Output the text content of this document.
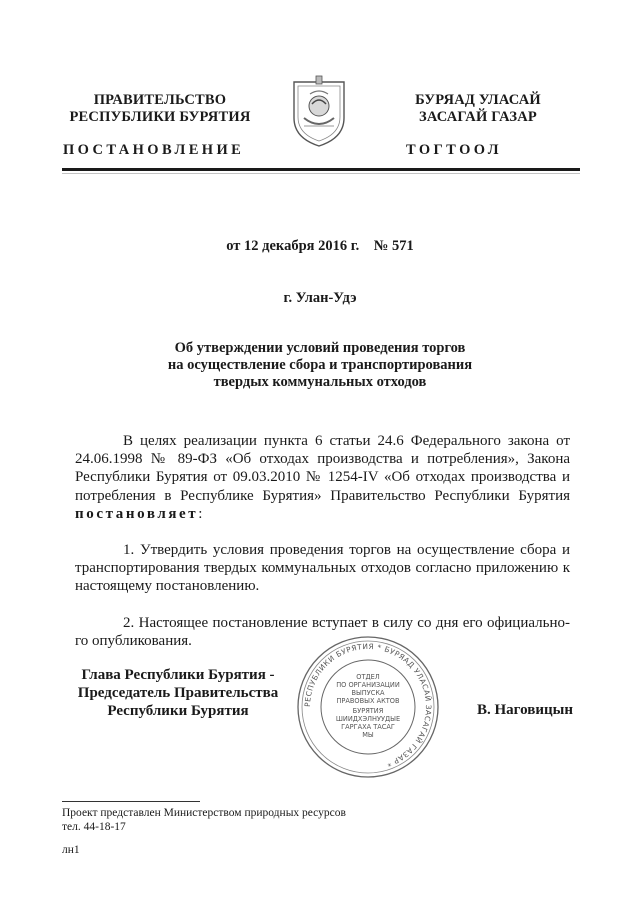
ПРАВИТЕЛЬСТВО
РЕСПУБЛИКИ БУРЯТИЯ
БУРЯАД УЛАСАЙ
ЗАСАГАЙ ГАЗАР
ПОСТАНОВЛЕНИЕ	ТОГТООЛ
от 12 декабря 2016 г.    № 571
г. Улан-Удэ
Об утверждении условий проведения торгов
на осуществление сбора и транспортирования
твердых коммунальных отходов

В целях реализации пункта 6 статьи 24.6 Федерального закона от 24.06.1998 № 89-ФЗ «Об отходах производства и потребления», Закона Республики Бурятия от 09.03.2010 № 1254-IV «Об отходах производства и потребления в Республике Бурятия» Правительство Республики Бурятия постановляет:

1. Утвердить условия проведения торгов на осуществление сбора и транспортирования твердых коммунальных отходов согласно приложению к настоящему постановлению.

2. Настоящее постановление вступает в силу со дня его официально-го опубликования.

Глава Республики Бурятия -
Председатель Правительства
Республики Бурятия	РЕСПУБЛИКИ БУРЯТИЯ * БУРЯАД УЛАСАЙ ЗАСАГАЙ ГАЗАР *
ОТДЕЛ
ПО ОРГАНИЗАЦИИ
ВЫПУСКА
ПРАВОВЫХ АКТОВ
БУРЯТИЯ
ШИИДХЭЛНУУДЫЕ
ГАРГАХА ТАСАГ
МЫ
В. Наговицын
Проект представлен Министерством природных ресурсов
тел. 44-18-17
лн1
